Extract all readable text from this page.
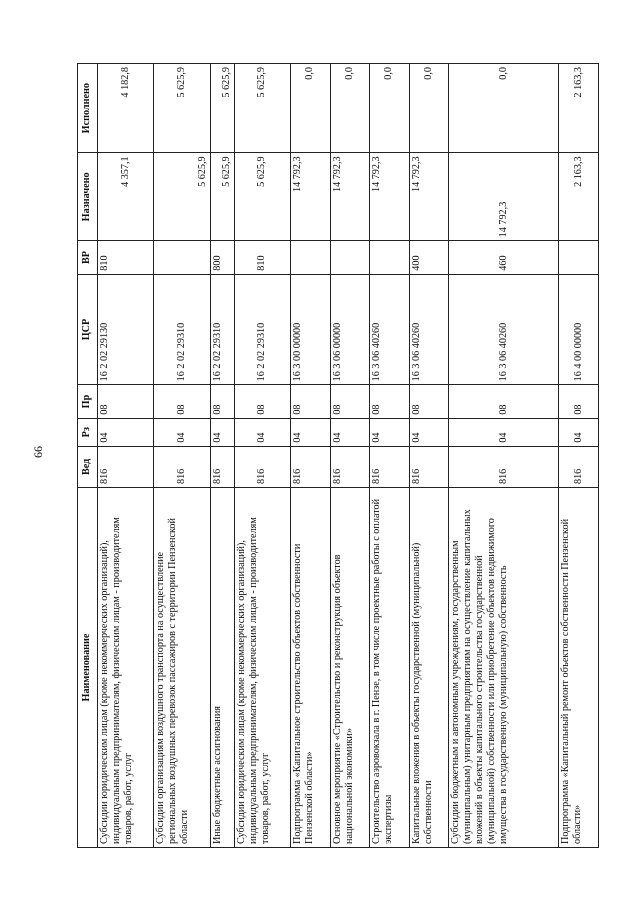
66
Наименование	Вед	Рз	Пр	ЦСР	ВР	Назначено	Исполнено
Субсидии юридическим лицам (кроме некоммерческих организаций), индивидуальным предпринимателям, физическим лицам - производителям товаров, работ, услуг	816	04	08	16 2 02 29130	810	4 357,1	4 182,8
Субсидии организациям воздушного транспорта на осуществление региональных воздушных перевозок пассажиров с территории Пензенской области	816	04	08	16 2 02 29310		5 625,9	5 625,9
Иные бюджетные ассигнования	816	04	08	16 2 02 29310	800	5 625,9	5 625,9
Субсидии юридическим лицам (кроме некоммерческих организаций), индивидуальным предпринимателям, физическим лицам - производителям товаров, работ, услуг	816	04	08	16 2 02 29310	810	5 625,9	5 625,9
Подпрограмма «Капитальное строительство объектов собственности Пензенской области»	816	04	08	16 3 00 00000		14 792,3	0,0
Основное мероприятие «Строительство и реконструкция объектов национальной экономики»	816	04	08	16 3 06 00000		14 792,3	0,0
Строительство аэровокзала в г. Пензе, в том числе проектные работы с оплатой экспертизы	816	04	08	16 3 06 40260		14 792,3	0,0
Капитальные вложения в объекты государственной (муниципальной) собственности	816	04	08	16 3 06 40260	400	14 792,3	0,0
Субсидии бюджетным и автономным учреждениям, государственным (муниципальным) унитарным предприятиям на осуществление капитальных вложений в объекты капитального строительства государственной (муниципальной) собственности или приобретение объектов недвижимого имущества в государственную (муниципальную) собственность	816	04	08	16 3 06 40260	460	14 792,3	0,0
Подпрограмма «Капитальный ремонт объектов собственности Пензенской области»	816	04	08	16 4 00 00000		2 163,3	2 163,3
